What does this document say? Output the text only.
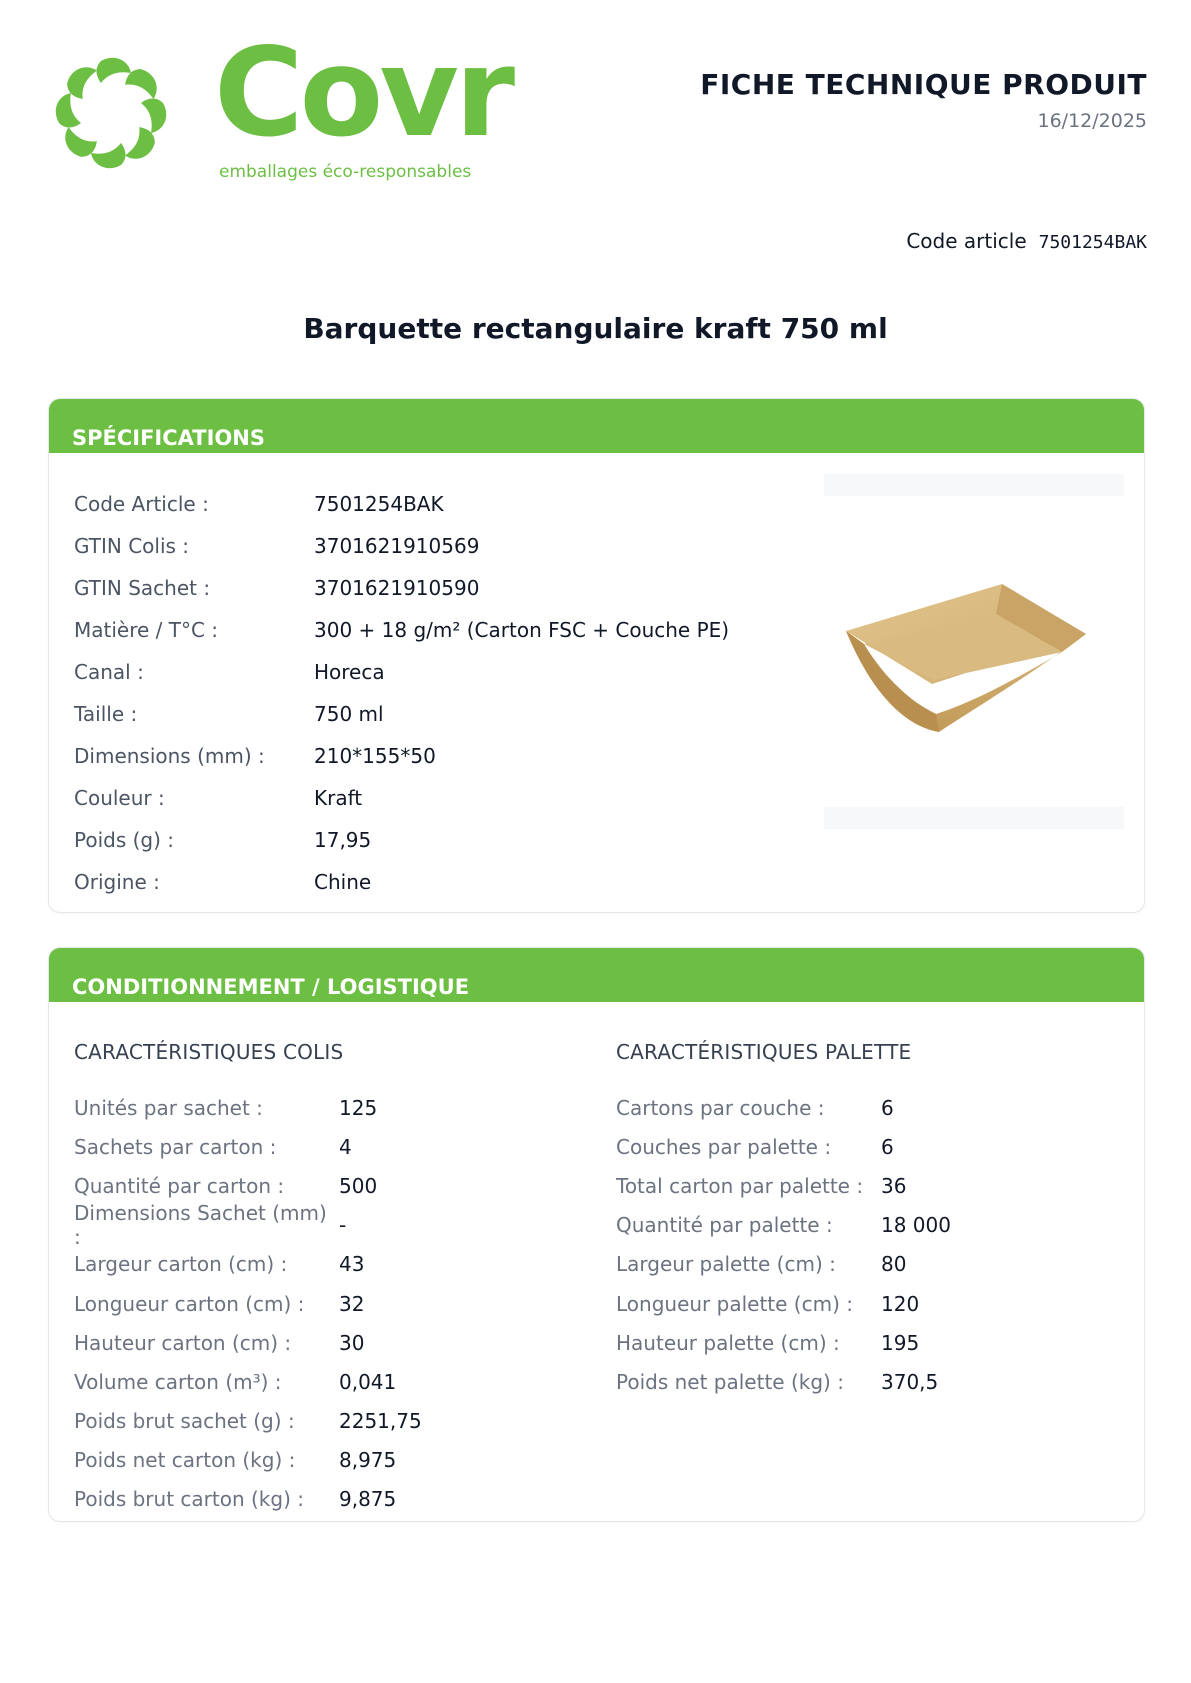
Covr
emballages éco-responsables
FICHE TECHNIQUE PRODUIT
16/12/2025
Code article 7501254BAK
Barquette rectangulaire kraft 750 ml
SPÉCIFICATIONS
Code Article :	7501254BAK
GTIN Colis :	3701621910569
GTIN Sachet :	3701621910590
Matière / T°C :	300 + 18 g/m² (Carton FSC + Couche PE)
Canal :	Horeca
Taille :	750 ml
Dimensions (mm) :	210*155*50
Couleur :	Kraft
Poids (g) :	17,95
Origine :	Chine
CONDITIONNEMENT / LOGISTIQUE
CARACTÉRISTIQUES COLIS
Unités par sachet :	125
Sachets par carton :	4
Quantité par carton :	500
Dimensions Sachet (mm) :	-
Largeur carton (cm) :	43
Longueur carton (cm) :	32
Hauteur carton (cm) :	30
Volume carton (m³) :	0,041
Poids brut sachet (g) :	2251,75
Poids net carton (kg) :	8,975
Poids brut carton (kg) :	9,875
CARACTÉRISTIQUES PALETTE
Cartons par couche :	6
Couches par palette :	6
Total carton par palette : 36
Quantité par palette :	18 000
Largeur palette (cm) :	80
Longueur palette (cm) :	120
Hauteur palette (cm) :	195
Poids net palette (kg) :	370,5
